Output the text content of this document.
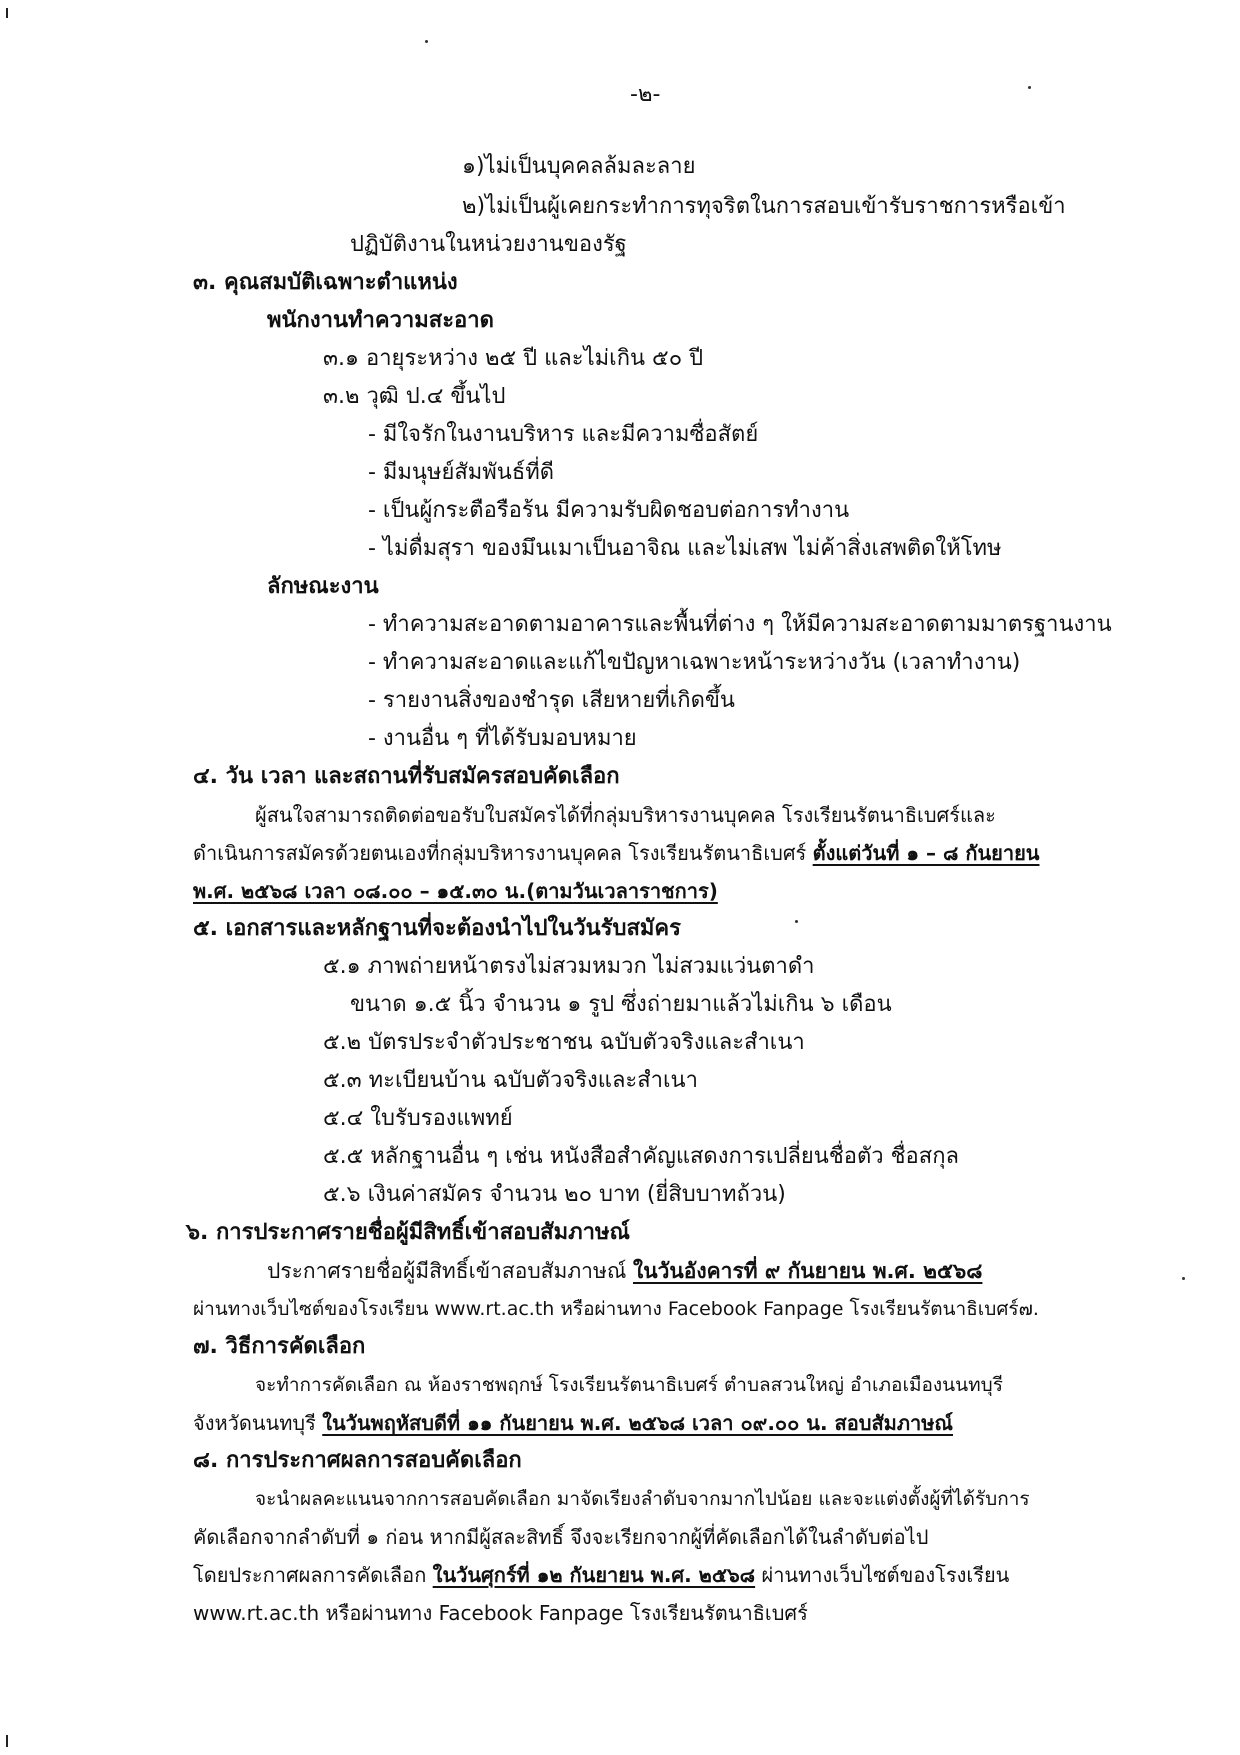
-๒-
๑)ไม่เป็นบุคคลล้มละลาย
๒)ไม่เป็นผู้เคยกระทำการทุจริตในการสอบเข้ารับราชการหรือเข้า
ปฏิบัติงานในหน่วยงานของรัฐ
๓. คุณสมบัติเฉพาะตำแหน่ง
พนักงานทำความสะอาด
๓.๑ อายุระหว่าง ๒๕ ปี และไม่เกิน ๕๐ ปี
๓.๒ วุฒิ ป.๔ ขึ้นไป
- มีใจรักในงานบริหาร และมีความซื่อสัตย์
- มีมนุษย์สัมพันธ์ที่ดี
- เป็นผู้กระตือรือร้น มีความรับผิดชอบต่อการทำงาน
- ไม่ดื่มสุรา ของมึนเมาเป็นอาจิณ และไม่เสพ ไม่ค้าสิ่งเสพติดให้โทษ
ลักษณะงาน
- ทำความสะอาดตามอาคารและพื้นที่ต่าง ๆ ให้มีความสะอาดตามมาตรฐานงาน
- ทำความสะอาดและแก้ไขปัญหาเฉพาะหน้าระหว่างวัน (เวลาทำงาน)
- รายงานสิ่งของชำรุด เสียหายที่เกิดขึ้น
- งานอื่น ๆ ที่ได้รับมอบหมาย
๔. วัน เวลา และสถานที่รับสมัครสอบคัดเลือก
ผู้สนใจสามารถติดต่อขอรับใบสมัครได้ที่กลุ่มบริหารงานบุคคล โรงเรียนรัตนาธิเบศร์และ
ดำเนินการสมัครด้วยตนเองที่กลุ่มบริหารงานบุคคล โรงเรียนรัตนาธิเบศร์ ตั้งแต่วันที่ ๑ – ๘ กันยายน
พ.ศ. ๒๕๖๘ เวลา ๐๘.๐๐ – ๑๕.๓๐ น.(ตามวันเวลาราชการ)
๕. เอกสารและหลักฐานที่จะต้องนำไปในวันรับสมัคร
๕.๑ ภาพถ่ายหน้าตรงไม่สวมหมวก ไม่สวมแว่นตาดำ
ขนาด ๑.๕ นิ้ว จำนวน ๑ รูป ซึ่งถ่ายมาแล้วไม่เกิน ๖ เดือน
๕.๒ บัตรประจำตัวประชาชน ฉบับตัวจริงและสำเนา
๕.๓ ทะเบียนบ้าน ฉบับตัวจริงและสำเนา
๕.๔ ใบรับรองแพทย์
๕.๕ หลักฐานอื่น ๆ เช่น หนังสือสำคัญแสดงการเปลี่ยนชื่อตัว ชื่อสกุล
๕.๖ เงินค่าสมัคร จำนวน ๒๐ บาท (ยี่สิบบาทถ้วน)
๖. การประกาศรายชื่อผู้มีสิทธิ์เข้าสอบสัมภาษณ์
ประกาศรายชื่อผู้มีสิทธิ์เข้าสอบสัมภาษณ์ ในวันอังคารที่ ๙ กันยายน พ.ศ. ๒๕๖๘
ผ่านทางเว็บไซต์ของโรงเรียน www.rt.ac.th หรือผ่านทาง Facebook Fanpage โรงเรียนรัตนาธิเบศร์๗.
๗. วิธีการคัดเลือก
จะทำการคัดเลือก ณ ห้องราชพฤกษ์ โรงเรียนรัตนาธิเบศร์ ตำบลสวนใหญ่ อำเภอเมืองนนทบุรี
จังหวัดนนทบุรี ในวันพฤหัสบดีที่ ๑๑ กันยายน พ.ศ. ๒๕๖๘ เวลา ๐๙.๐๐ น. สอบสัมภาษณ์
๘. การประกาศผลการสอบคัดเลือก
จะนำผลคะแนนจากการสอบคัดเลือก มาจัดเรียงลำดับจากมากไปน้อย และจะแต่งตั้งผู้ที่ได้รับการ
คัดเลือกจากลำดับที่ ๑ ก่อน หากมีผู้สละสิทธิ์ จึงจะเรียกจากผู้ที่คัดเลือกได้ในลำดับต่อไป
โดยประกาศผลการคัดเลือก ในวันศุกร์ที่ ๑๒ กันยายน พ.ศ. ๒๕๖๘ ผ่านทางเว็บไซต์ของโรงเรียน
www.rt.ac.th หรือผ่านทาง Facebook Fanpage โรงเรียนรัตนาธิเบศร์
